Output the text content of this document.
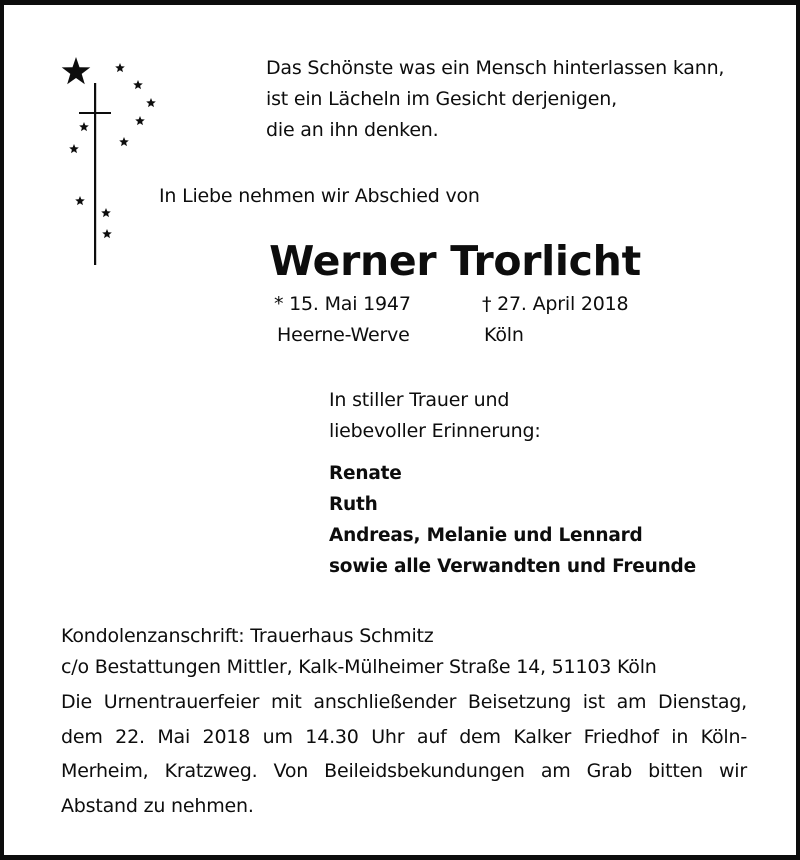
Das Schönste was ein Mensch hinterlassen kann,
ist ein Lächeln im Gesicht derjenigen,
die an ihn denken.
In Liebe nehmen wir Abschied von
Werner Trorlicht
* 15. Mai 1947
Heerne-Werve
† 27. April 2018
Köln
In stiller Trauer und
liebevoller Erinnerung:
Renate
Ruth
Andreas, Melanie und Lennard
sowie alle Verwandten und Freunde
Kondolenzanschrift: Trauerhaus Schmitz
c/o Bestattungen Mittler, Kalk-Mülheimer Straße 14, 51103 Köln
Die Urnentrauerfeier mit anschließender Beisetzung ist am Dienstag,
dem 22. Mai 2018 um 14.30 Uhr auf dem Kalker Friedhof in Köln-
Merheim, Kratzweg. Von Beileidsbekundungen am Grab bitten wir
Abstand zu nehmen.
